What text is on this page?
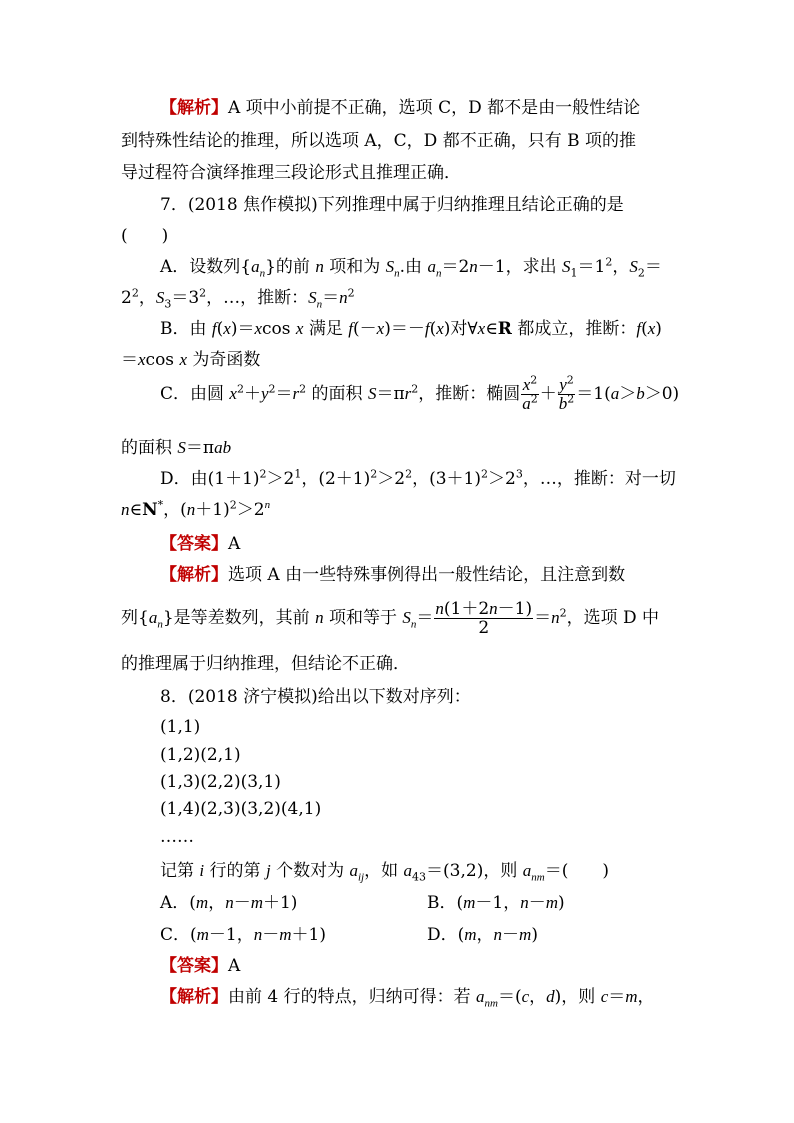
【解析】A 项中小前提不正确，选项 C，D 都不是由一般性结论
到特殊性结论的推理，所以选项 A，C，D 都不正确，只有 B 项的推
导过程符合演绎推理三段论形式且推理正确．
7．(2018 焦作模拟)下列推理中属于归纳推理且结论正确的是
(　　)
A．设数列$\{a_n\}$的前 n 项和为 $S_n$.由 $a_n=2n-1$，求出 $S_1=1^2$，$S_2=$
$2^2$，$S_3=3^2$，…，推断：$S_n=n^2$
B．由 f(x)＝xcos x 满足 f(－x)＝－f(x)对∀x∈R 都成立，推断：f(x)
＝xcos x 为奇函数
C．由圆 $x^2+y^2=r^2$ 的面积 $S=\pi r^2$，推断：椭圆 $\frac{x^2}{a^2} + \frac{y^2}{b^2} =1(a>b>0)$
的面积 S＝πab
D．由$(1+1)^2>2^1$，$(2+1)^2>2^2$，$(3+1)^2>2^3$，…，推断：对一切
n∈N*，$(n+1)^2>2^n$
【答案】A
【解析】选项 A 由一些特殊事例得出一般性结论，且注意到数
列$\{a_n\}$是等差数列，其前 n 项和等于 $S_n= \frac{n(1+2n-1)}{2} =n^2$，选项 D 中
的推理属于归纳推理，但结论不正确．
8．(2018 济宁模拟)给出以下数对序列：
(1,1)
(1,2)(2,1)
(1,3)(2,2)(3,1)
(1,4)(2,3)(3,2)(4,1)
……
记第 i 行的第 j 个数对为 $a_{ij}$，如 $a_{43}=(3,2)$，则 $a_{nm}=$(　　)
A．(m，n－m＋1)	B．(m－1，n－m)
C．(m－1，n－m＋1)	D．(m，n－m)
【答案】A
【解析】由前 4 行的特点，归纳可得：若 $a_{nm}=(c$，d)，则 c＝m，
